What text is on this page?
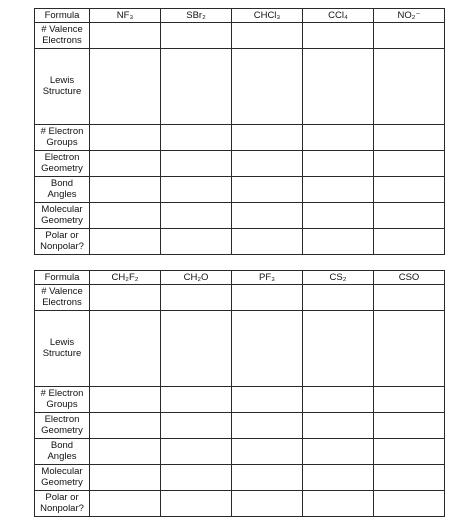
Formula	NF₃	SBr₂	CHCl₃	CCl₄	NO₂⁻
# Valence
Electrons					
Lewis
Structure					
# Electron
Groups					
Electron
Geometry					
Bond
Angles					
Molecular
Geometry					
Polar or
Nonpolar?					
Formula	CH₂F₂	CH₂O	PF₃	CS₂	CSO
# Valence
Electrons					
Lewis
Structure					
# Electron
Groups					
Electron
Geometry					
Bond
Angles					
Molecular
Geometry					
Polar or
Nonpolar?					
